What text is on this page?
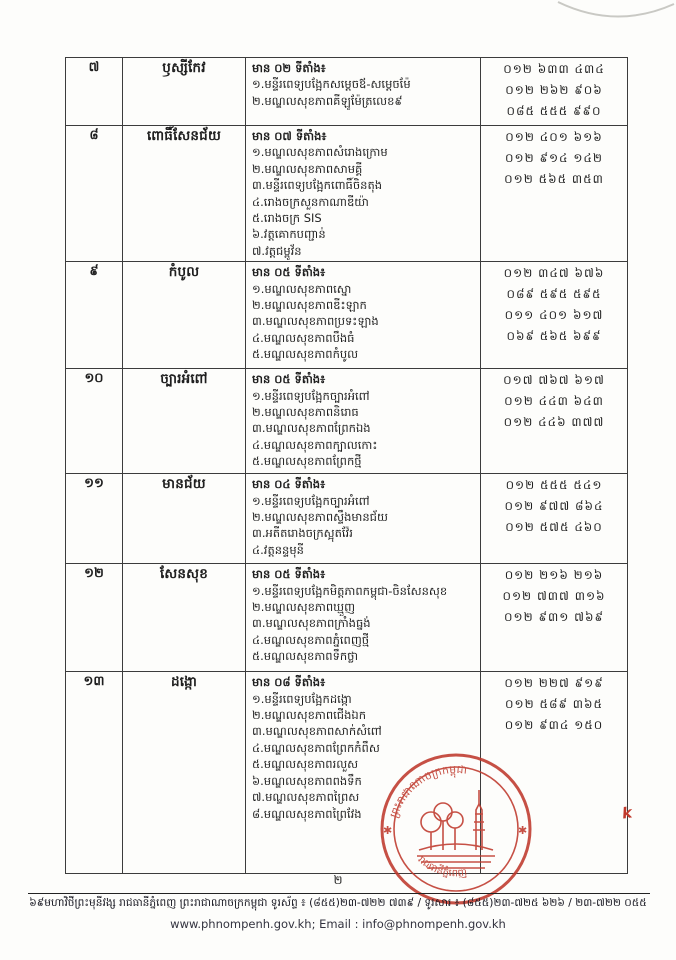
៧	ឫស្សីកែវ	មាន ០២ ទីតាំង៖
១.មន្ទីរពេទ្យបង្អែកសម្តេចឪ-សម្តេចម៉ែ
២.មណ្ឌលសុខភាពគីឡូម៉ែត្រលេខ៩

០១២ ៦៣៣ ៤៣៤
០១២ ២៦២ ៩០៦
០៨៥ ៥៥៥ ៩៩០

៨	ពោធិ៍សែនជ័យ	មាន ០៧ ទីតាំង៖
១.មណ្ឌលសុខភាពសំរោងក្រោម
២.មណ្ឌលសុខភាពសាមគ្គី
៣.មន្ទីរពេទ្យបង្អែកពោធិ៍ចិនតុង
៤.រោងចក្រសួនកាណាឌីយ៉ា
៥.រោងចក្រ SIS
៦.វត្តគោកបញ្ជាន់
៧.វត្តជម្ពូវ័ន

០១២ ៤០១ ៦១៦
០១២ ៩១៤ ១៤២
០១២ ៥៦៥ ៣៥៣

៩	កំបូល	មាន ០៥ ទីតាំង៖
១.មណ្ឌលសុខភាពស្នោ
២.មណ្ឌលសុខភាពឌីះឡាក
៣.មណ្ឌលសុខភាពប្រទះឡាង
៤.មណ្ឌលសុខភាពបឹងធំ
៥.មណ្ឌលសុខភាពកំបូល

០១២ ៣៤៧ ៦៧៦
០៨៩ ៥៩៥ ៥៩៥
០១១ ៤០១ ៦១៧
០៦៩ ៥៦៥ ៦៩៩

១០	ច្បារអំពៅ	មាន ០៥ ទីតាំង៖
១.មន្ទីរពេទ្យបង្អែកច្បារអំពៅ
២.មណ្ឌលសុខភាពនិរោធ
៣.មណ្ឌលសុខភាពព្រែកឯង
៤.មណ្ឌលសុខភាពក្បាលកោះ
៥.មណ្ឌលសុខភាពព្រែកថ្មី

០១៧ ៧៦៧ ៦១៧
០១២ ៤៤៣ ៦៤៣
០១២ ៤៤៦ ៣៧៧

១១	មានជ័យ	មាន ០៤ ទីតាំង៖
១.មន្ទីរពេទ្យបង្អែកច្បារអំពៅ
២.មណ្ឌលសុខភាពស្ទឹងមានជ័យ
៣.អតីតរោងចក្រស្អុតវ៉ែរ
៤.វត្តនន្ទមុនី

០១២ ៥៥៥ ៥៤១
០១២ ៩៧៧ ៨៦៤
០១២ ៥៧៥ ៤៦០

១២	សែនសុខ	មាន ០៥ ទីតាំង៖
១.មន្ទីរពេទ្យបង្អែកមិត្តភាពកម្ពុជា-ចិនសែនសុខ
២.មណ្ឌលសុខភាពឃ្មួញ
៣.មណ្ឌលសុខភាពក្រាំងធ្នង់
៤.មណ្ឌលសុខភាពភ្នំពេញថ្មី
៥.មណ្ឌលសុខភាពទឹកថ្លា

០១២ ២១៦ ២១៦
០១២ ៧៣៧ ៣១៦
០១២ ៩៣១ ៧៦៩

១៣	ដង្កោ	មាន ០៨ ទីតាំង៖
១.មន្ទីរពេទ្យបង្អែកដង្កោ
២.មណ្ឌលសុខភាពជើងឯក
៣.មណ្ឌលសុខភាពសាក់សំពៅ
៤.មណ្ឌលសុខភាពព្រែកកំពឹស
៥.មណ្ឌលសុខភាពរលួស
៦.មណ្ឌលសុខភាពពងទឹក
៧.មណ្ឌលសុខភាពព្រៃស
៨.មណ្ឌលសុខភាពព្រៃវែង

០១២ ២២៧ ៩១៩
០១២ ៥៨៩ ៣៦៥
០១២ ៩៣៤ ១៥០
ព្រះរាជាណាចក្រកម្ពុជា
រាជធានីភ្នំពេញ
✱	✱
k
២
៦៩មហាវិថីព្រះមុនីវង្ស រាជធានីភ្នំពេញ ព្រះរាជាណាចក្រកម្ពុជា ទូរស័ព្ទ ៖ (៨៥៥)២៣-៧២២ ៧៣៩ / ទូរសារ ៖ (៨៥៥)២៣-៧២៥ ៦២៦ / ២៣-៧២២ ០៥៥
www.phnompenh.gov.kh; Email : info@phnompenh.gov.kh
